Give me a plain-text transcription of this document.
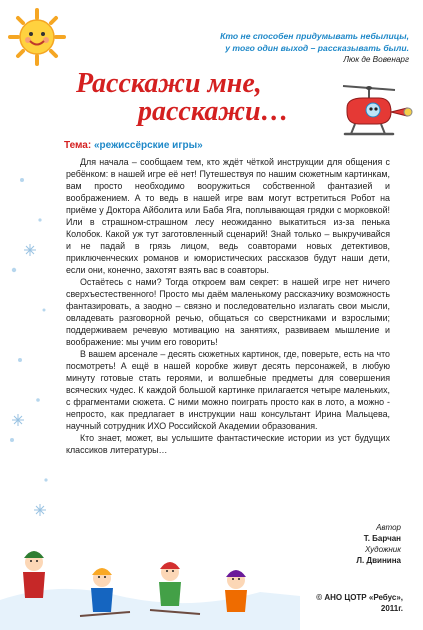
Кто не способен придумывать небылицы,
у того один выход – рассказывать были.
Люк де Вовенарг
Расскажи мне,
расскажи…
Тема: «режиссёрские игры»

Для начала – сообщаем тем, кто ждёт чёткой инструкции для общения с ребёнком: в нашей игре её нет! Путешествуя по нашим сюжетным картинкам, вам просто необходимо вооружиться собственной фантазией и воображением. А то ведь в нашей игре вам могут встретиться Робот на приёме у Доктора Айболита или Баба Яга, поплывающая грядки с морковкой! Или в страшном-страшном лесу неожиданно выкатиться из-за пенька Колобок. Какой уж тут заготовленный сценарий! Знай только – выкручивайся и не падай в грязь лицом, ведь соавторами новых детективов, приключенческих романов и юмористических рассказов будут наши дети, если они, конечно, захотят взять вас в соавторы.

Остаётесь с нами? Тогда откроем вам секрет: в нашей игре нет ничего сверхъестественного! Просто мы даём маленькому рассказчику возможность фантазировать, а заодно – связно и последовательно излагать свои мысли, овладевать разговорной речью, общаться со сверстниками и взрослыми; поддерживаем речевую мотивацию на занятиях, развиваем мышление и воображение: мы учим его говорить!

В вашем арсенале – десять сюжетных картинок, где, поверьте, есть на что посмотреть! А ещё в нашей коробке живут десять персонажей, в любую минуту готовые стать героями, и волшебные предметы для совершения всяческих чудес. К каждой большой картинке прилагается четыре маленьких, с фрагментами сюжета. С ними можно поиграть просто как в лото, а можно - непросто, как предлагает в инструкции наш консультант Ирина Мальцева, научный сотрудник ИХО Российской Академии образования.

Кто знает, может, вы услышите фантастические истории из уст будущих классиков литературы…

Автор
Т. Барчан
Художник
Л. Двинина
© АНО ЦОТР «Ребус»,
2011г.
